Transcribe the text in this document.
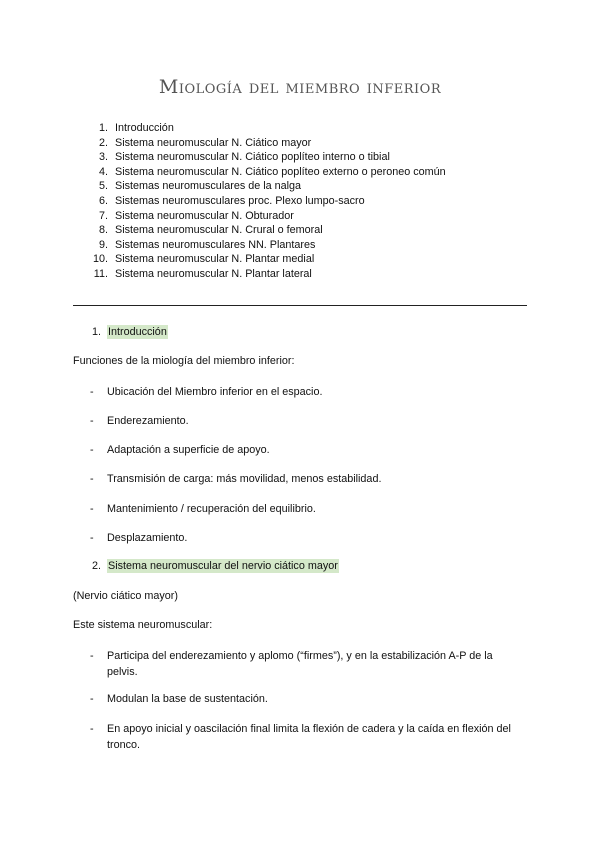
Miología del miembro inferior
1. Introducción
2. Sistema neuromuscular N. Ciático mayor
3. Sistema neuromuscular N. Ciático poplíteo interno o tibial
4. Sistema neuromuscular N. Ciático poplíteo externo o peroneo común
5. Sistemas neuromusculares de la nalga
6. Sistemas neuromusculares proc. Plexo lumpo-sacro
7. Sistema neuromuscular N. Obturador
8. Sistema neuromuscular N. Crural o femoral
9. Sistemas neuromusculares NN. Plantares
10. Sistema neuromuscular N. Plantar medial
11. Sistema neuromuscular N. Plantar lateral
1. Introducción
Funciones de la miología del miembro inferior:
- Ubicación del Miembro inferior en el espacio.
- Enderezamiento.
- Adaptación a superficie de apoyo.
- Transmisión de carga: más movilidad, menos estabilidad.
- Mantenimiento / recuperación del equilibrio.
- Desplazamiento.
2. Sistema neuromuscular del nervio ciático mayor
(Nervio ciático mayor)
Este sistema neuromuscular:
- Participa del enderezamiento y aplomo (“firmes”), y en la estabilización A-P de la pelvis.
- Modulan la base de sustentación.
- En apoyo inicial y oascilación final limita la flexión de cadera y la caída en flexión del tronco.
